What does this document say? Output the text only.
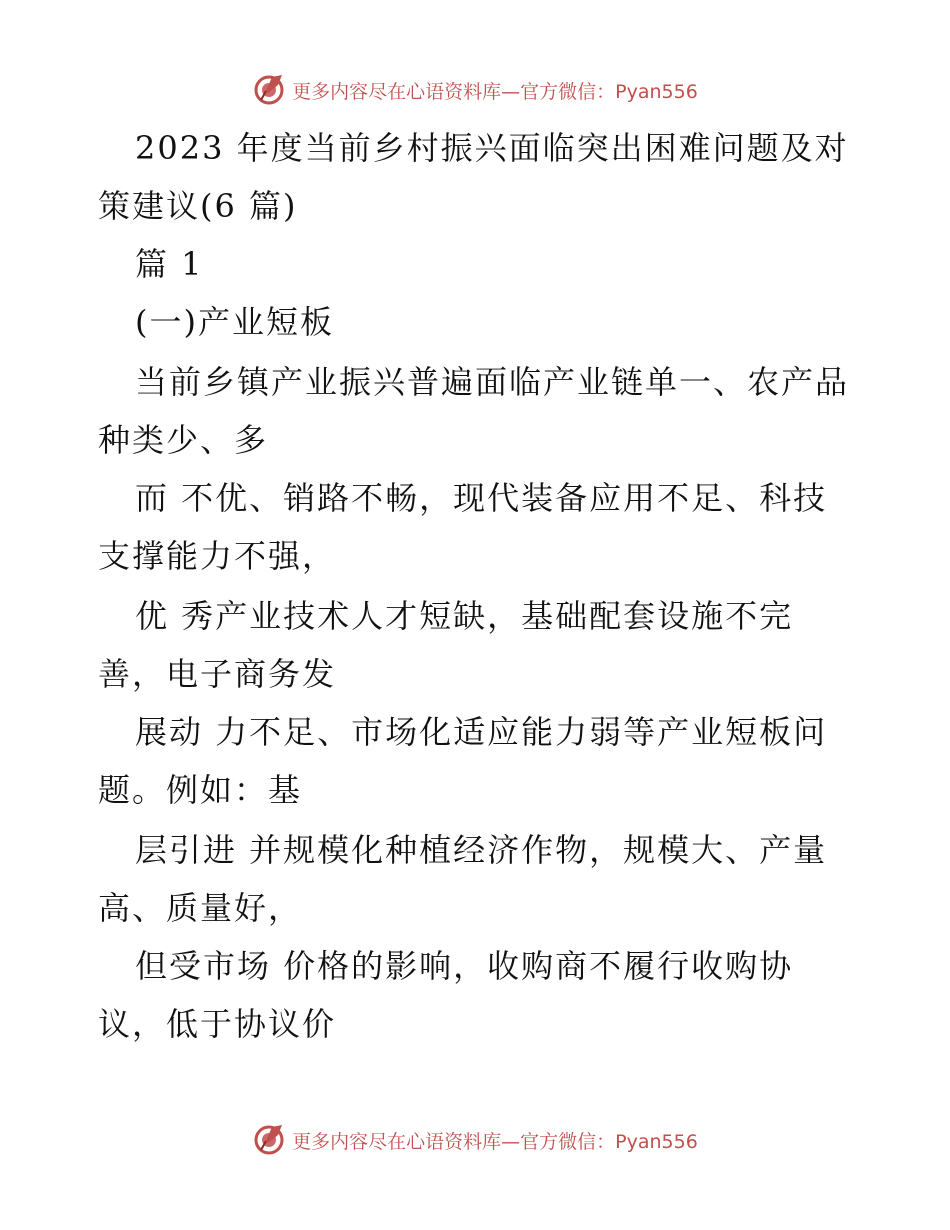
更多内容尽在心语资料库—官方微信：Pyan556
2023 年度当前乡村振兴面临突出困难问题及对
策建议(6 篇)
篇 1
(一)产业短板
当前乡镇产业振兴普遍面临产业链单一、农产品
种类少、多
而 不优、销路不畅，现代装备应用不足、科技
支撑能力不强，
优 秀产业技术人才短缺，基础配套设施不完
善，电子商务发
展动 力不足、市场化适应能力弱等产业短板问
题。例如：基
层引进 并规模化种植经济作物，规模大、产量
高、质量好，
但受市场 价格的影响，收购商不履行收购协
议，低于协议价
更多内容尽在心语资料库—官方微信：Pyan556
